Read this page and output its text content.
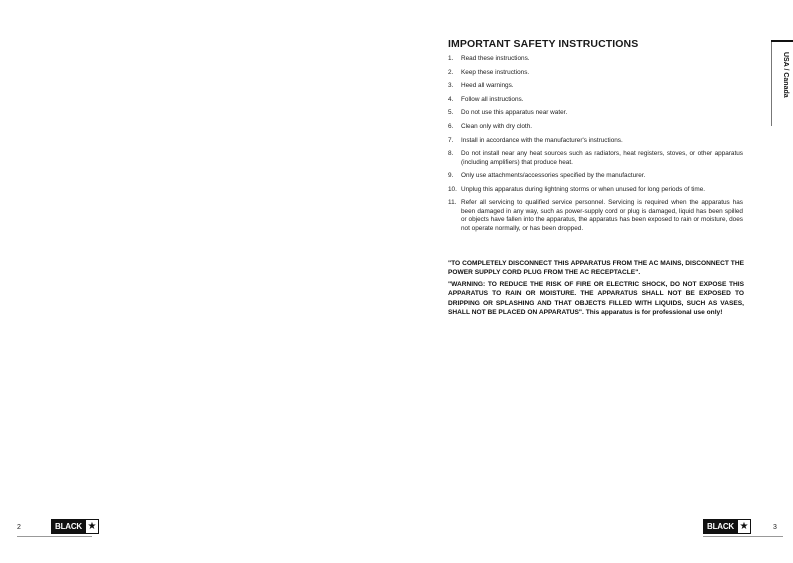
IMPORTANT SAFETY INSTRUCTIONS
1. Read these instructions.
2. Keep these instructions.
3. Heed all warnings.
4. Follow all instructions.
5. Do not use this apparatus near water.
6. Clean only with dry cloth.
7. Install in accordance with the manufacturer's instructions.
8. Do not install near any heat sources such as radiators, heat registers, stoves, or other apparatus (including amplifiers) that produce heat.
9. Only use attachments/accessories specified by the manufacturer.
10. Unplug this apparatus during lightning storms or when unused for long periods of time.
11. Refer all servicing to qualified service personnel. Servicing is required when the apparatus has been damaged in any way, such as power-supply cord or plug is damaged, liquid has been spilled or objects have fallen into the apparatus, the apparatus has been exposed to rain or moisture, does not operate normally, or has been dropped.
"TO COMPLETELY DISCONNECT THIS APPARATUS FROM THE AC MAINS, DISCONNECT THE POWER SUPPLY CORD PLUG FROM THE AC RECEPTACLE".
"WARNING: TO REDUCE THE RISK OF FIRE OR ELECTRIC SHOCK, DO NOT EXPOSE THIS APPARATUS TO RAIN OR MOISTURE. THE APPARATUS SHALL NOT BE EXPOSED TO DRIPPING OR SPLASHING AND THAT OBJECTS FILLED WITH LIQUIDS, SUCH AS VASES, SHALL NOT BE PLACED ON APPARATUS". This apparatus is for professional use only!
USA / Canada
2	3
BLACK ★	BLACK ★
